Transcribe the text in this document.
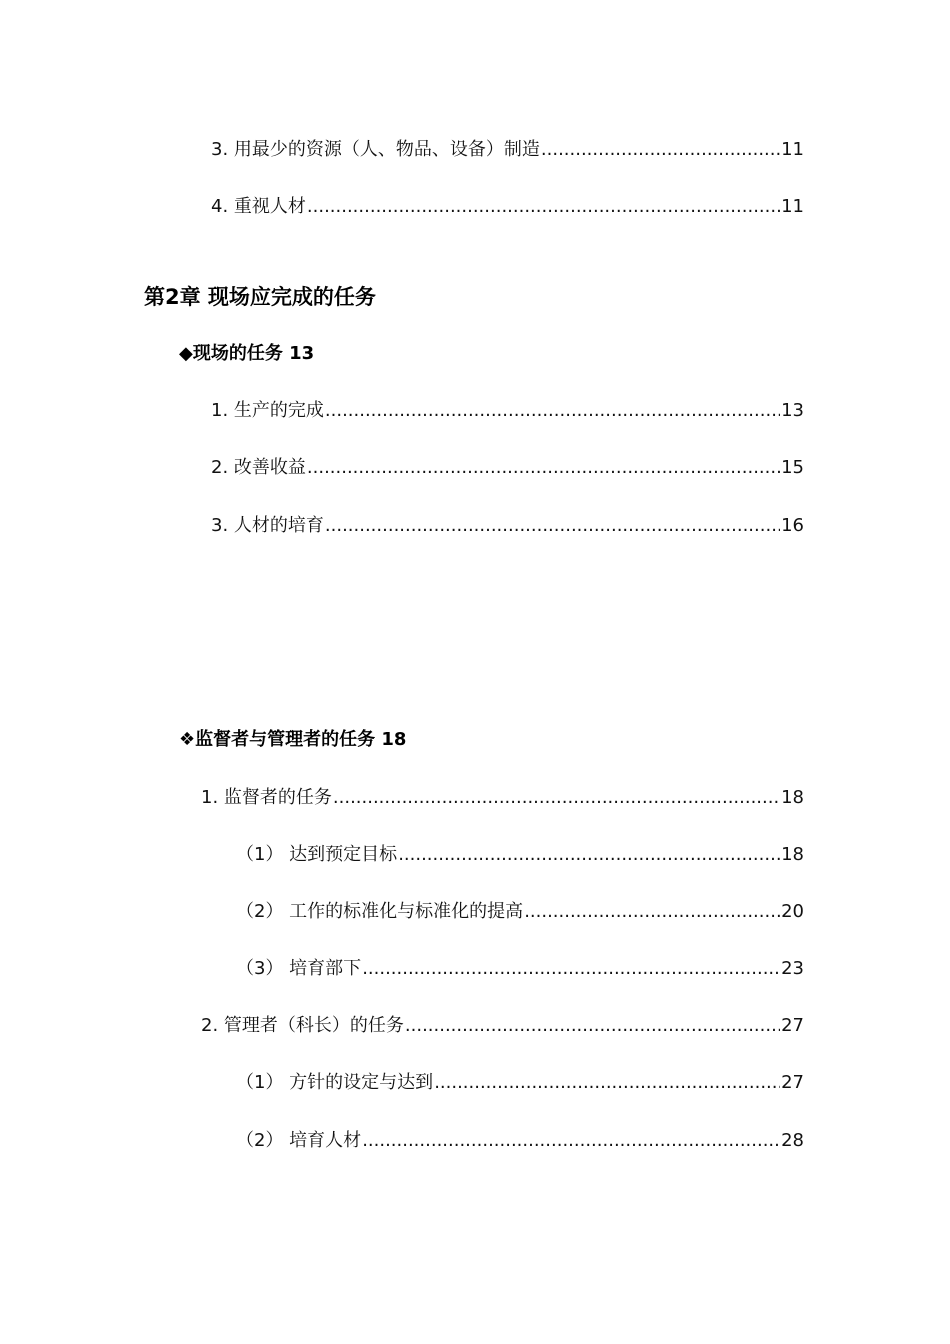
3. 用最少的资源（人、物品、设备）制造 .....	11
4. 重视人材 .....	11
第2章 现场应完成的任务
◆现场的任务 13
1. 生产的完成 .....	13
2. 改善收益 .....	15
3. 人材的培育 .....	16
❖监督者与管理者的任务 18
1. 监督者的任务 .....	18
（1） 达到预定目标 .....	18
（2） 工作的标准化与标准化的提高 .....	20
（3） 培育部下 .....	23
2. 管理者（科长）的任务 .....	27
（1） 方针的设定与达到 .....	27
（2） 培育人材 .....	28
